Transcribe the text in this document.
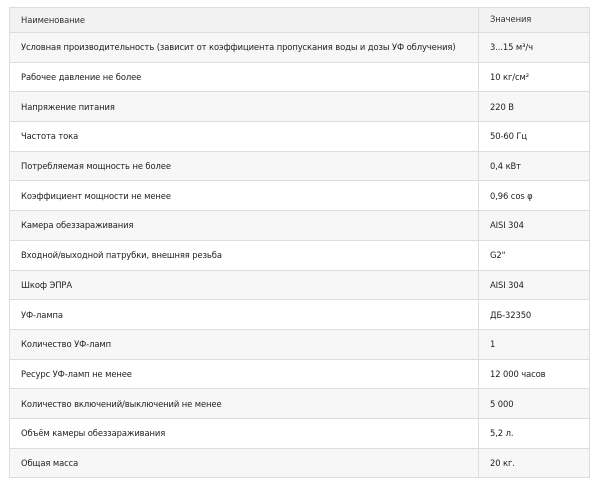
Наименование	Значения
Условная производительность (зависит от коэффициента пропускания воды и дозы УФ облучения)	3...15 м³/ч
Рабочее давление не более	10 кг/см²
Напряжение питания	220 В
Частота тока	50-60 Гц
Потребляемая мощность не более	0,4 кВт
Коэффициент мощности не менее	0,96 cos φ
Камера обеззараживания	AISI 304
Входной/выходной патрубки, внешняя резьба	G2"
Шкоф ЭПРА	AISI 304
УФ-лампа	ДБ-32350
Количество УФ-ламп	1
Ресурс УФ-ламп не менее	12 000 часов
Количество включений/выключений не менее	5 000
Объём камеры обеззараживания	5,2 л.
Общая масса	20 кг.
